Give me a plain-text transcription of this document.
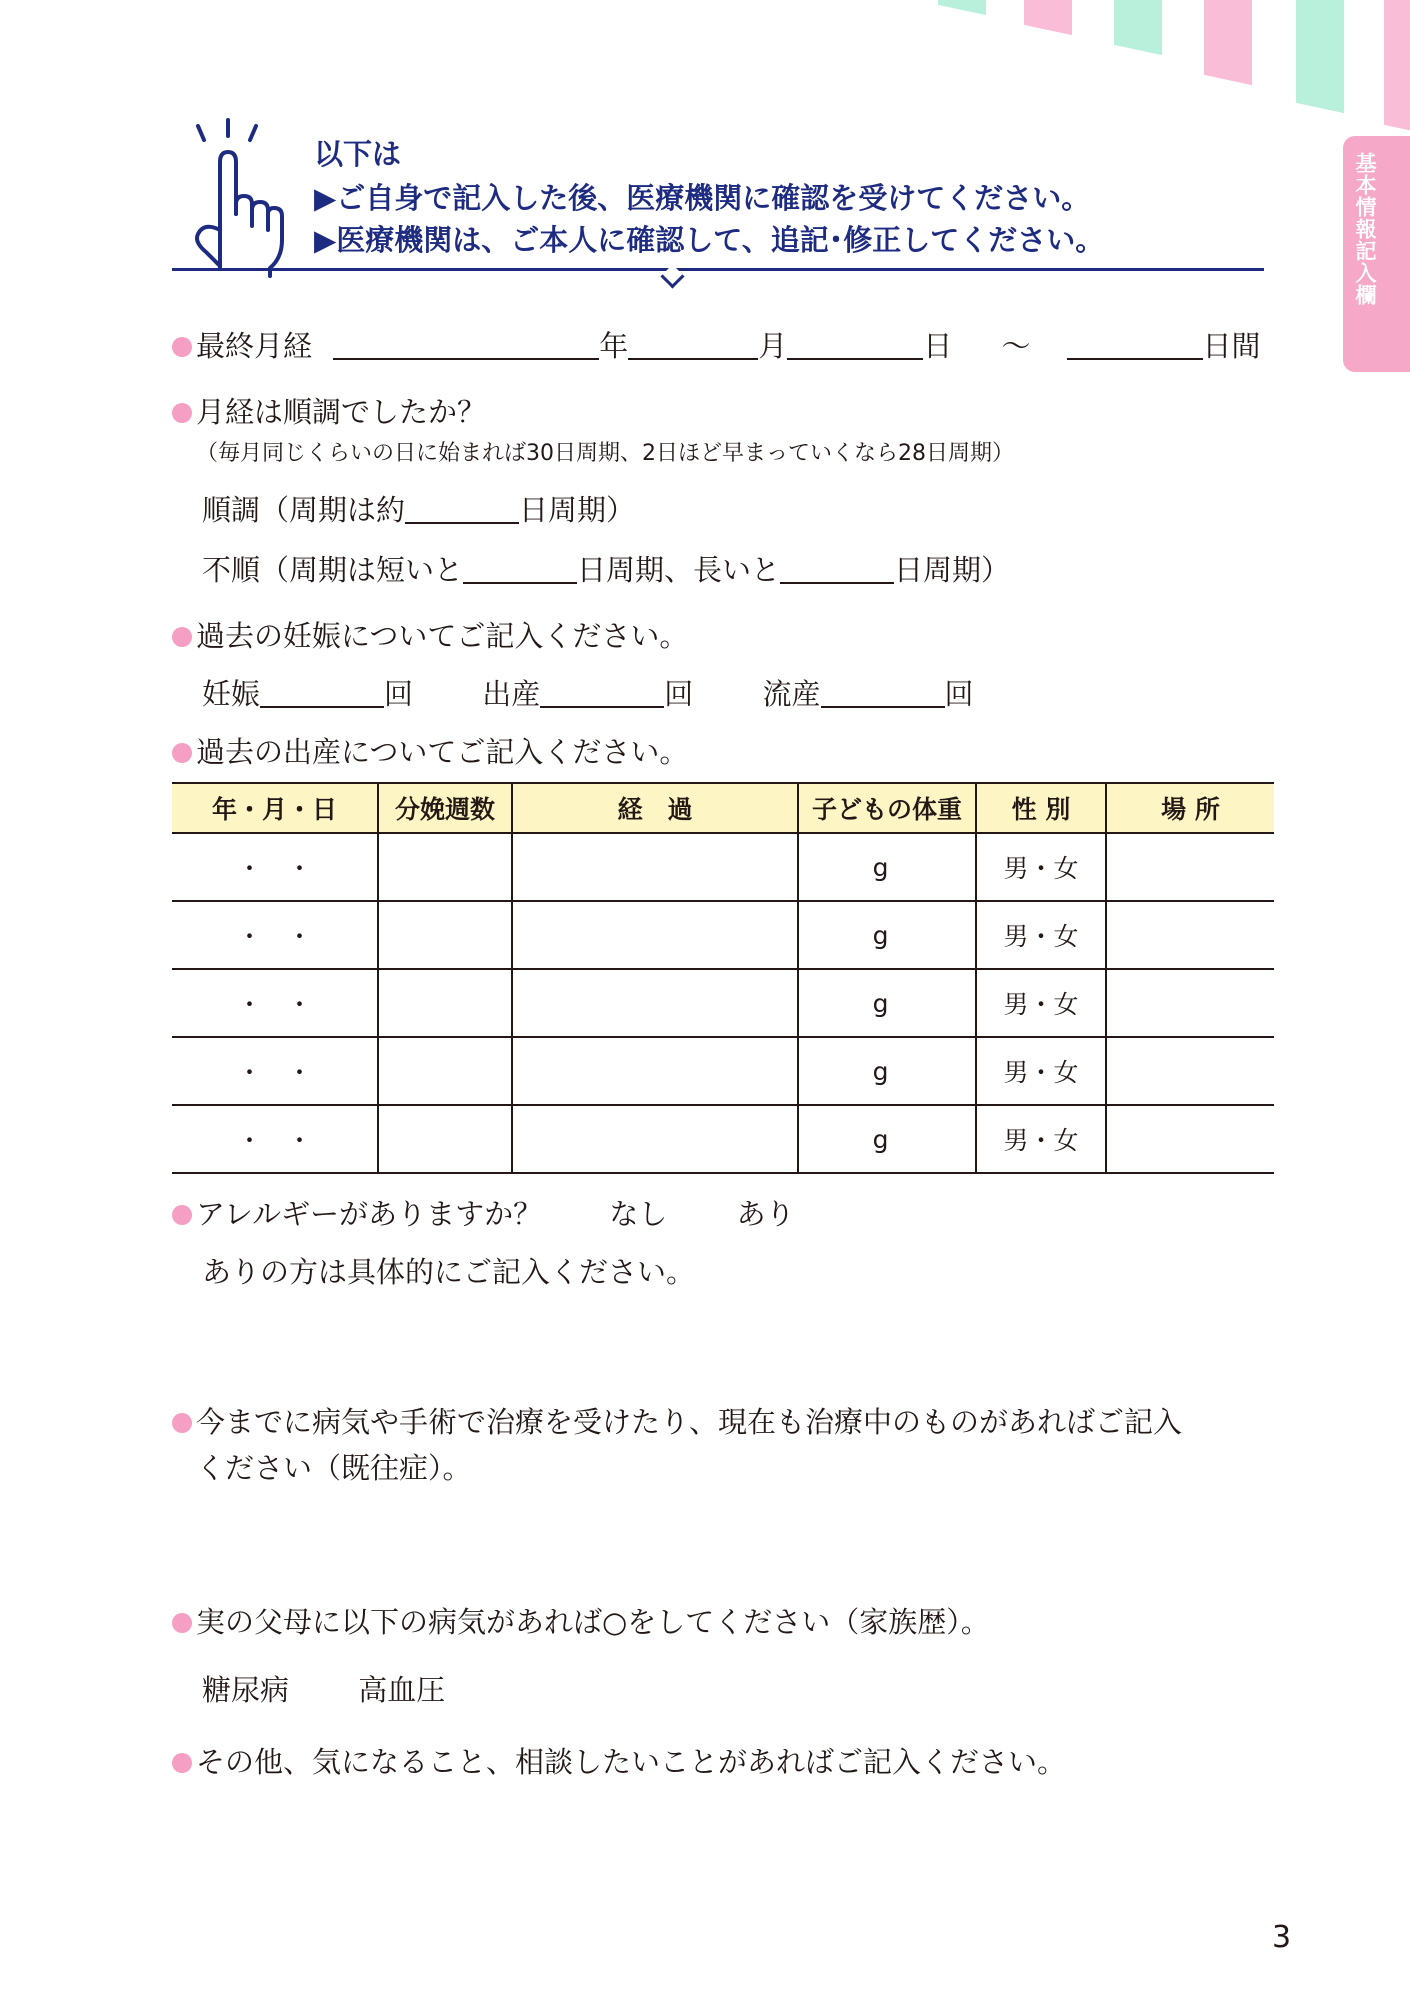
基本情報記入欄
以下は
▶ご自身で記入した後、医療機関に確認を受けてください。
▶医療機関は、ご本人に確認して、追記･修正してください。
最終月経	年	月	日 ～	日間
月経は順調でしたか？
（毎月同じくらいの日に始まれば30日周期、2日ほど早まっていくなら28日周期）
順調（周期は約	日周期）
不順（周期は短いと	日周期、長いと	日周期）
過去の妊娠についてご記入ください。
妊娠	回 出産	回 流産	回
過去の出産についてご記入ください。
年・月・日	分娩週数	経　過	子どもの体重	性 別	場 所
・　・			g	男・女	
・　・			g	男・女	
・　・			g	男・女	
・　・			g	男・女	
・　・			g	男・女	
アレルギーがありますか？ なし あり
ありの方は具体的にご記入ください。
今までに病気や手術で治療を受けたり、現在も治療中のものがあればご記入
ください（既往症）。
実の父母に以下の病気があれば○をしてください（家族歴）。
糖尿病 高血圧
その他、気になること、相談したいことがあればご記入ください。
3
